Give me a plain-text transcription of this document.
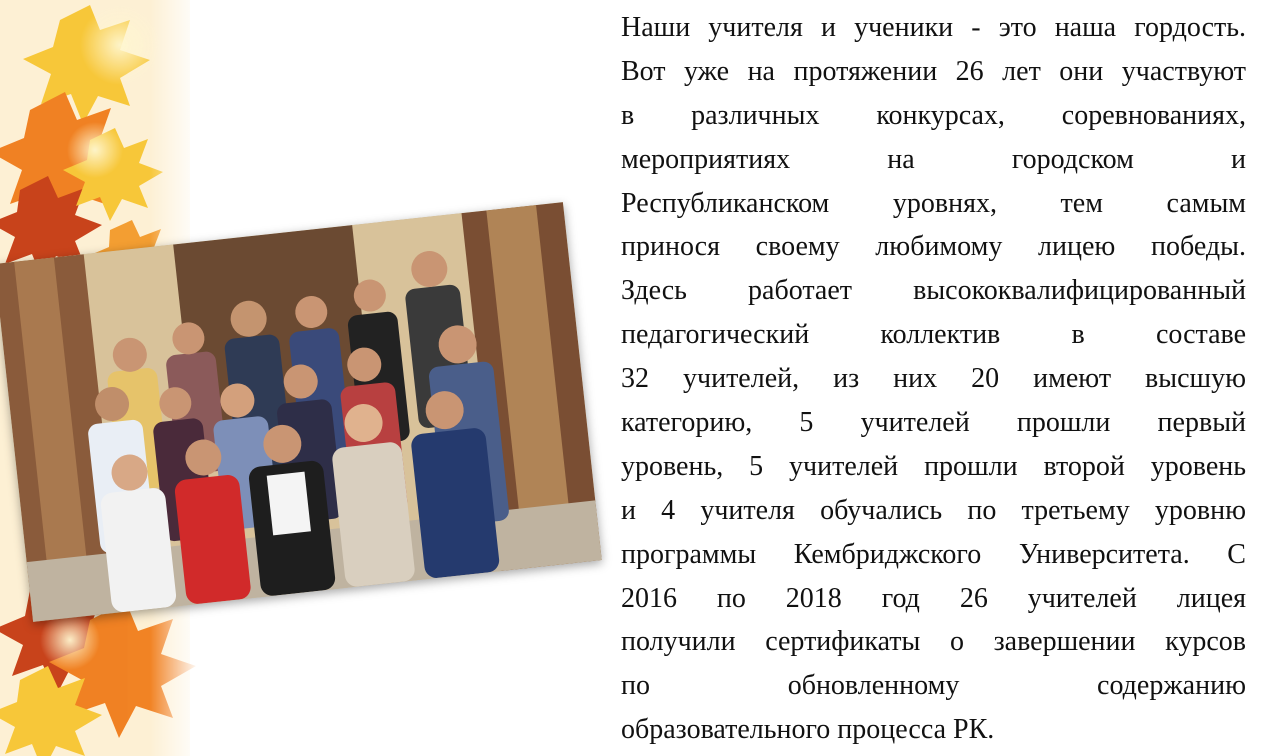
Наши учителя и ученики - это наша гордость.
Вот уже на протяжении 26 лет они участвуют
в различных конкурсах, соревнованиях,
мероприятиях на городском и
Республиканском уровнях, тем самым
принося своему любимому лицею победы.
Здесь работает высококвалифицированный
педагогический коллектив в составе
32 учителей, из них 20 имеют высшую
категорию, 5 учителей прошли первый
уровень, 5 учителей прошли второй уровень
и 4 учителя обучались по третьему уровню
программы Кембриджского Университета. С
2016 по 2018 год 26 учителей лицея
получили сертификаты о завершении курсов
по обновленному содержанию
образовательного процесса РК.
